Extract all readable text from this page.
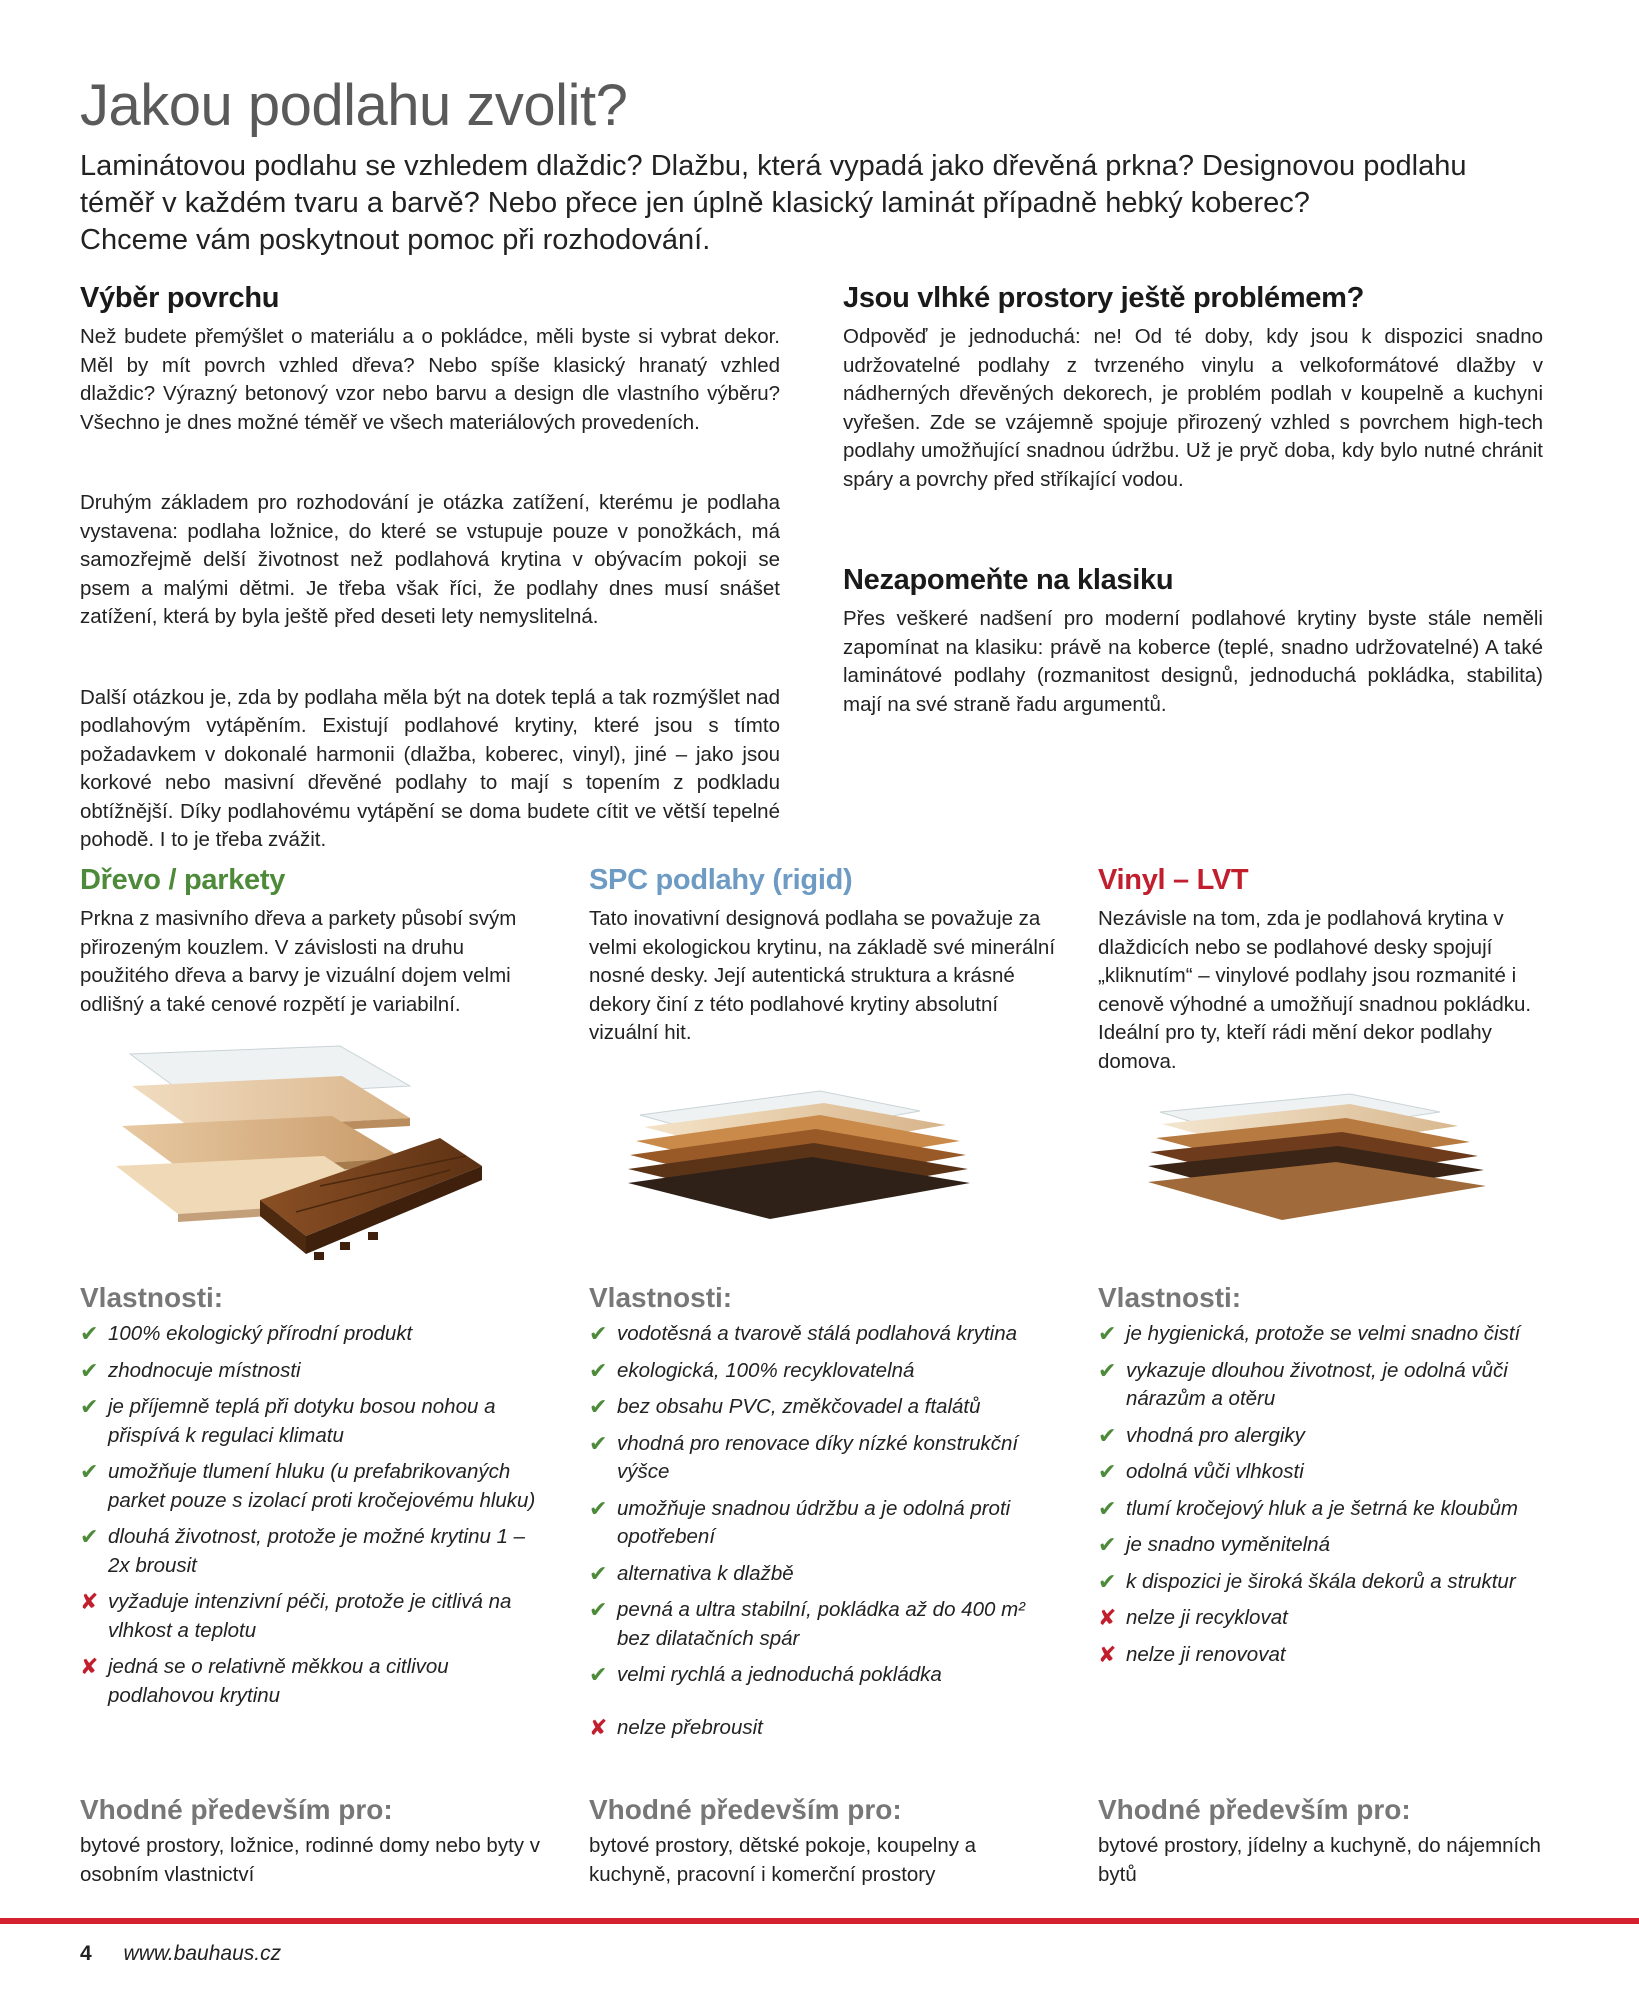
Jakou podlahu zvolit?

Laminátovou podlahu se vzhledem dlaždic? Dlažbu, která vypadá jako dřevěná prkna? Designovou podlahu

téměř v každém tvaru a barvě? Nebo přece jen úplně klasický laminát případně hebký koberec?

Chceme vám poskytnout pomoc při rozhodování.

Výběr povrchu

Než budete přemýšlet o materiálu a o pokládce, měli byste si vybrat dekor. Měl by mít povrch vzhled dřeva? Nebo spíše klasický hranatý vzhled dlaždic? Výrazný betonový vzor nebo barvu a design dle vlastního výběru? Všechno je dnes možné téměř ve všech materiálových provedeních.

Druhým základem pro rozhodování je otázka zatížení, kterému je podlaha vystavena: podlaha ložnice, do které se vstupuje pouze v ponožkách, má samozřejmě delší životnost než podlahová krytina v obývacím pokoji se psem a malými dětmi. Je třeba však říci, že podlahy dnes musí snášet zatížení, která by byla ještě před deseti lety nemyslitelná.

Další otázkou je, zda by podlaha měla být na dotek teplá a tak rozmýšlet nad podlahovým vytápěním. Existují podlahové krytiny, které jsou s tímto požadavkem v dokonalé harmonii (dlažba, koberec, vinyl), jiné – jako jsou korkové nebo masivní dřevěné podlahy to mají s topením z podkladu obtížnější. Díky podlahovému vytápění se doma budete cítit ve větší tepelné pohodě. I to je třeba zvážit.

Jsou vlhké prostory ještě problémem?

Odpověď je jednoduchá: ne! Od té doby, kdy jsou k dispozici snadno udržovatelné podlahy z tvrzeného vinylu a velkoformátové dlažby v nádherných dřevěných dekorech, je problém podlah v koupelně a kuchyni vyřešen. Zde se vzájemně spojuje přirozený vzhled s povrchem high-tech podlahy umožňující snadnou údržbu. Už je pryč doba, kdy bylo nutné chránit spáry a povrchy před stříkající vodou.

Nezapomeňte na klasiku

Přes veškeré nadšení pro moderní podlahové krytiny byste stále neměli zapomínat na klasiku: právě na koberce (teplé, snadno udržovatelné) A také laminátové podlahy (rozmanitost designů, jednoduchá pokládka, stabilita) mají na své straně řadu argumentů.

Dřevo / parkety

Prkna z masivního dřeva a parkety působí svým přirozeným kouzlem. V závislosti na druhu použitého dřeva a barvy je vizuální dojem velmi odlišný a také cenové rozpětí je variabilní.

SPC podlahy (rigid)

Tato inovativní designová podlaha se považuje za velmi ekologickou krytinu, na základě své minerální nosné desky. Její autentická struktura a krásné dekory činí z této podlahové krytiny absolutní vizuální hit.

Vinyl – LVT

Nezávisle na tom, zda je podlahová krytina v dlaždicích nebo se podlahové desky spojují „kliknutím“ – vinylové podlahy jsou rozmanité i cenově výhodné a umožňují snadnou pokládku. Ideální pro ty, kteří rádi mění dekor podlahy domova.

Vlastnosti:
✔ 100% ekologický přírodní produkt
✔ zhodnocuje místnosti
✔ je příjemně teplá při dotyku bosou nohou a přispívá k regulaci klimatu
✔ umožňuje tlumení hluku (u prefabrikovaných parket pouze s izolací proti kročejovému hluku)
✔ dlouhá životnost, protože je možné krytinu 1 – 2x brousit
✘ vyžaduje intenzivní péči, protože je citlivá na vlhkost a teplotu
✘ jedná se o relativně měkkou a citlivou podlahovou krytinu
Vlastnosti:
✔ vodotěsná a tvarově stálá podlahová krytina
✔ ekologická, 100% recyklovatelná
✔ bez obsahu PVC, změkčovadel a ftalátů
✔ vhodná pro renovace díky nízké konstrukční výšce
✔ umožňuje snadnou údržbu a je odolná proti opotřebení
✔ alternativa k dlažbě
✔ pevná a ultra stabilní, pokládka až do 400 m² bez dilatačních spár
✔ velmi rychlá a jednoduchá pokládka
✘ nelze přebrousit
Vlastnosti:
✔ je hygienická, protože se velmi snadno čistí
✔ vykazuje dlouhou životnost, je odolná vůči nárazům a otěru
✔ vhodná pro alergiky
✔ odolná vůči vlhkosti
✔ tlumí kročejový hluk a je šetrná ke kloubům
✔ je snadno vyměnitelná
✔ k dispozici je široká škála dekorů a struktur
✘ nelze ji recyklovat
✘ nelze ji renovovat
Vhodné především pro:

bytové prostory, ložnice, rodinné domy nebo byty v osobním vlastnictví

Vhodné především pro:

bytové prostory, dětské pokoje, koupelny a kuchyně, pracovní i komerční prostory

Vhodné především pro:

bytové prostory, jídelny a kuchyně, do nájemních bytů

4 www.bauhaus.cz
